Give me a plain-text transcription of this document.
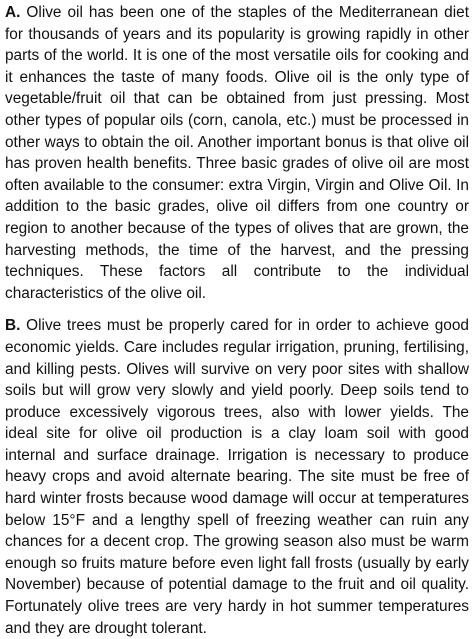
A. Olive oil has been one of the staples of the Mediterranean diet for thousands of years and its popularity is growing rapidly in other parts of the world. It is one of the most versatile oils for cooking and it enhances the taste of many foods. Olive oil is the only type of vegetable/fruit oil that can be obtained from just pressing. Most other types of popular oils (corn, canola, etc.) must be processed in other ways to obtain the oil. Another important bonus is that olive oil has proven health benefits. Three basic grades of olive oil are most often available to the consumer: extra Virgin, Virgin and Olive Oil. In addition to the basic grades, olive oil differs from one country or region to another because of the types of olives that are grown, the harvesting methods, the time of the harvest, and the pressing techniques. These factors all contribute to the individual characteristics of the olive oil.

B. Olive trees must be properly cared for in order to achieve good economic yields. Care includes regular irrigation, pruning, fertilising, and killing pests. Olives will survive on very poor sites with shallow soils but will grow very slowly and yield poorly. Deep soils tend to produce excessively vigorous trees, also with lower yields. The ideal site for olive oil production is a clay loam soil with good internal and surface drainage. Irrigation is necessary to produce heavy crops and avoid alternate bearing. The site must be free of hard winter frosts because wood damage will occur at temperatures below 15°F and a lengthy spell of freezing weather can ruin any chances for a decent crop. The growing season also must be warm enough so fruits mature before even light fall frosts (usually by early November) because of potential damage to the fruit and oil quality. Fortunately olive trees are very hardy in hot summer temperatures and they are drought tolerant.
